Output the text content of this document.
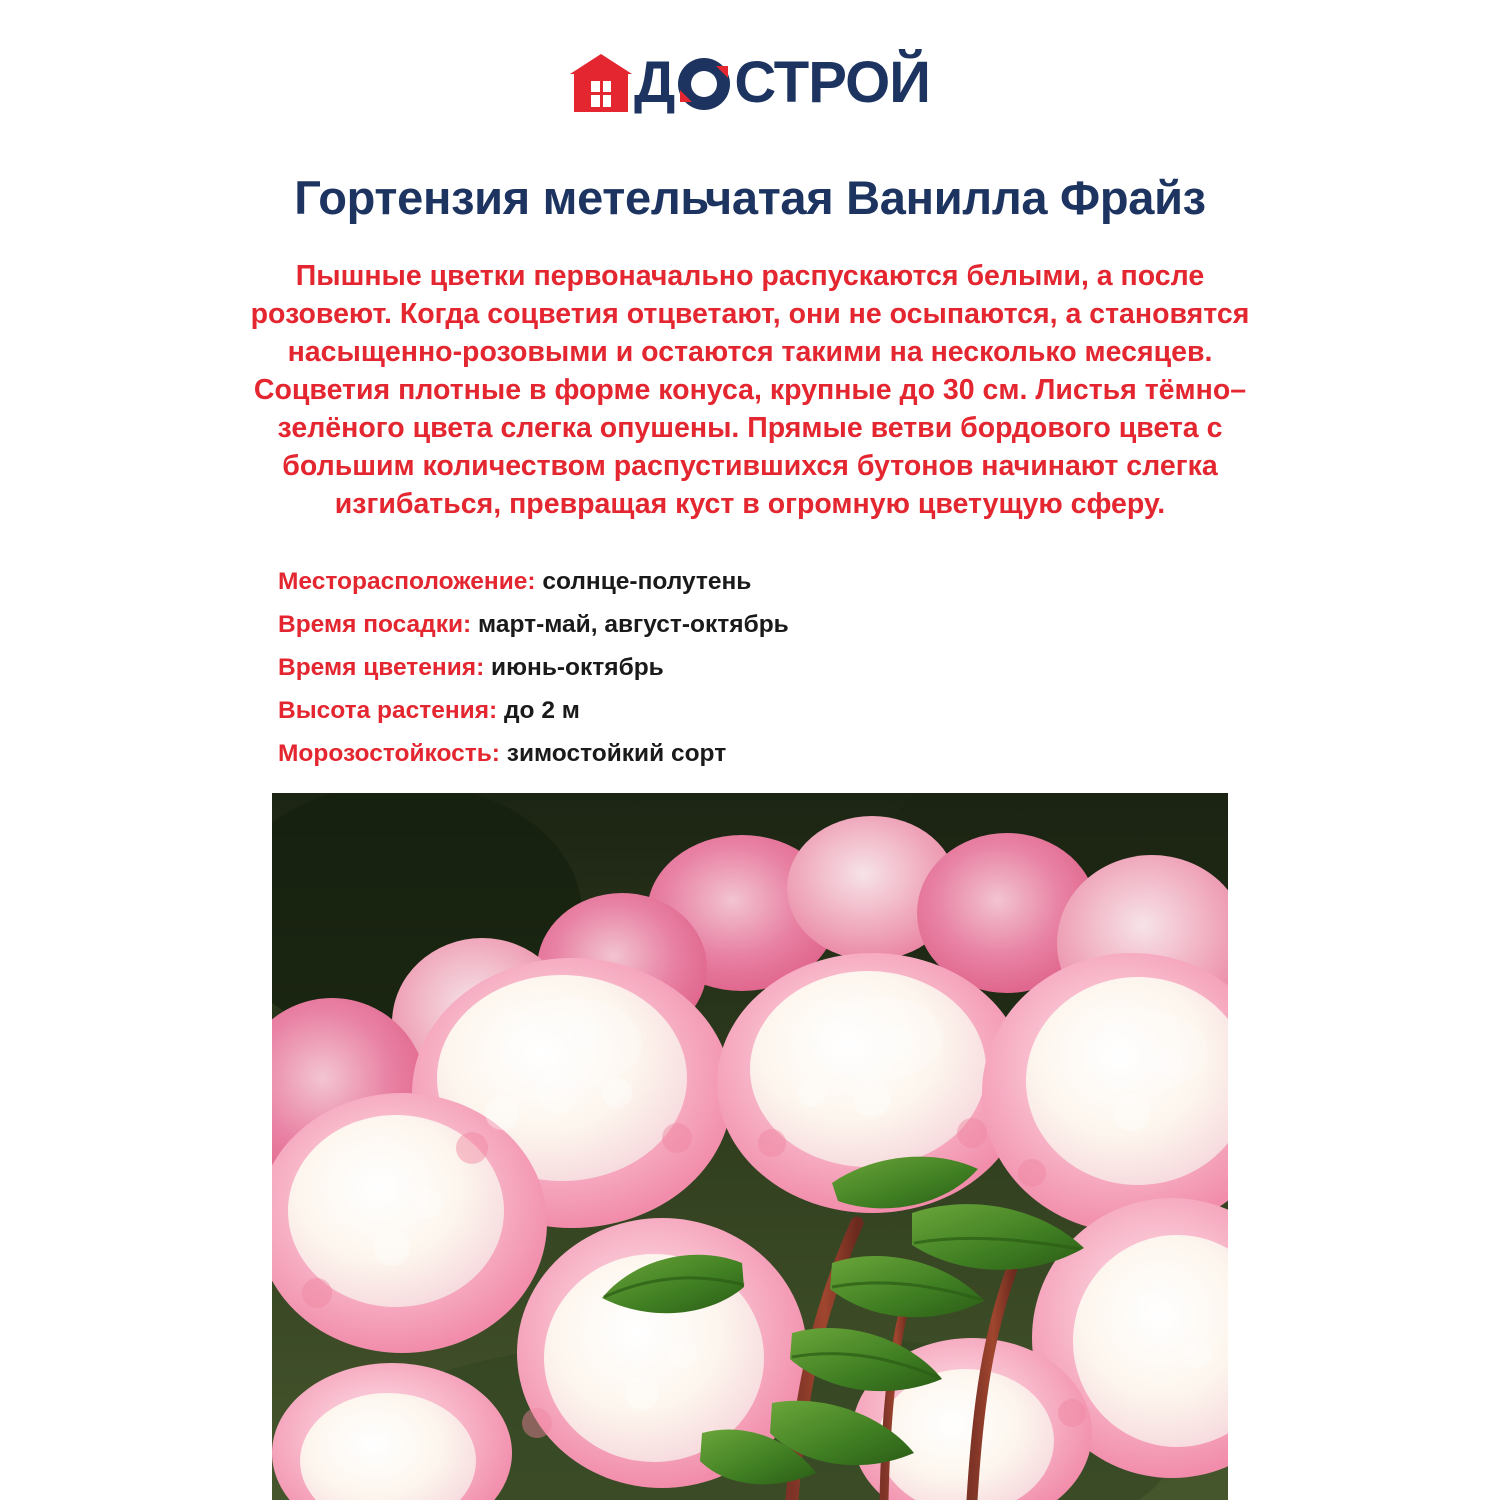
Д СТРОЙ
Гортензия метельчатая Ванилла Фрайз

Пышные цветки первоначально распускаются белыми, а после розовеют. Когда соцветия отцветают, они не осыпаются, а становятся насыщенно-розовыми и остаются такими на несколько месяцев. Соцветия плотные в форме конуса, крупные до 30 см. Листья тёмно–зелёного цвета слегка опушены. Прямые ветви бордового цвета с большим количеством распустившихся бутонов начинают слегка изгибаться, превращая куст в огромную цветущую сферу.

Месторасположение: солнце-полутень
Время посадки: март-май, август-октябрь
Время цветения: июнь-октябрь
Высота растения: до 2 м
Морозостойкость: зимостойкий сорт
